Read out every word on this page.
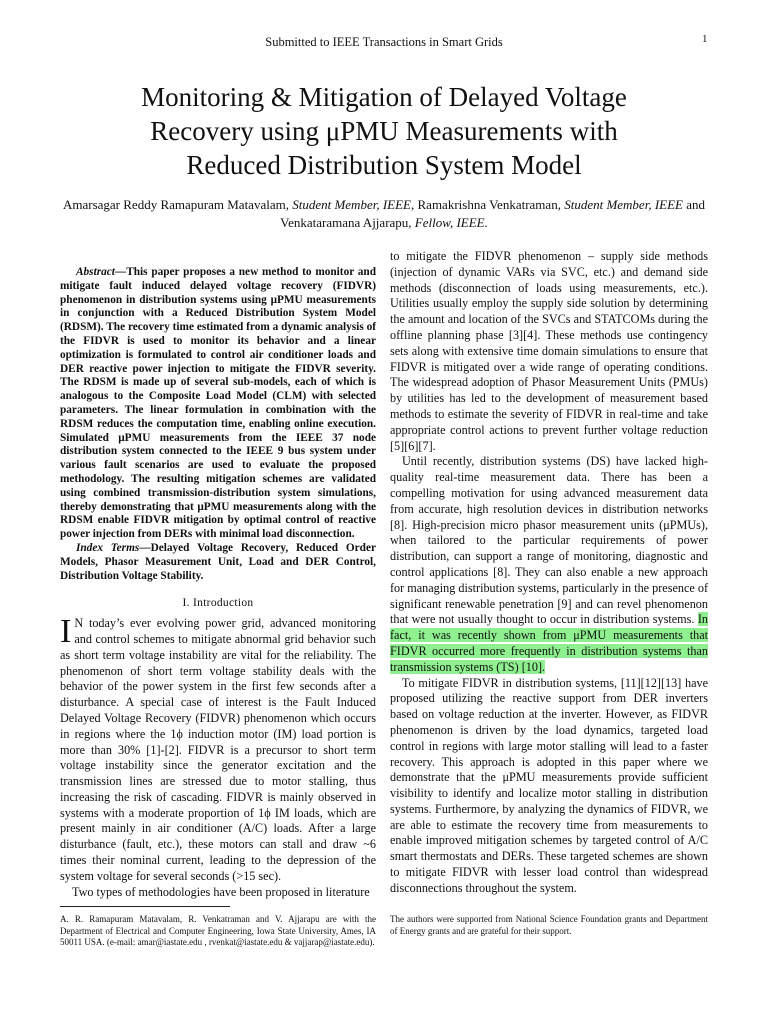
Submitted to IEEE Transactions in Smart Grids	1
Monitoring & Mitigation of Delayed Voltage
Recovery using μPMU Measurements with
Reduced Distribution System Model
Amarsagar Reddy Ramapuram Matavalam, Student Member, IEEE, Ramakrishna Venkatraman, Student Member, IEEE and Venkataramana Ajjarapu, Fellow, IEEE.

Abstract—This paper proposes a new method to monitor and mitigate fault induced delayed voltage recovery (FIDVR) phenomenon in distribution systems using μPMU measurements in conjunction with a Reduced Distribution System Model (RDSM). The recovery time estimated from a dynamic analysis of the FIDVR is used to monitor its behavior and a linear optimization is formulated to control air conditioner loads and DER reactive power injection to mitigate the FIDVR severity. The RDSM is made up of several sub-models, each of which is analogous to the Composite Load Model (CLM) with selected parameters. The linear formulation in combination with the RDSM reduces the computation time, enabling online execution. Simulated μPMU measurements from the IEEE 37 node distribution system connected to the IEEE 9 bus system under various fault scenarios are used to evaluate the proposed methodology. The resulting mitigation schemes are validated using combined transmission-distribution system simulations, thereby demonstrating that μPMU measurements along with the RDSM enable FIDVR mitigation by optimal control of reactive power injection from DERs with minimal load disconnection.

Index Terms—Delayed Voltage Recovery, Reduced Order Models, Phasor Measurement Unit, Load and DER Control, Distribution Voltage Stability.

I. Introduction

I N today’s ever evolving power grid, advanced monitoring and control schemes to mitigate abnormal grid behavior such as short term voltage instability are vital for the reliability. The phenomenon of short term voltage stability deals with the behavior of the power system in the first few seconds after a disturbance. A special case of interest is the Fault Induced Delayed Voltage Recovery (FIDVR) phenomenon which occurs in regions where the 1ϕ induction motor (IM) load portion is more than 30% [1]-[2]. FIDVR is a precursor to short term voltage instability since the generator excitation and the transmission lines are stressed due to motor stalling, thus increasing the risk of cascading. FIDVR is mainly observed in systems with a moderate proportion of 1ϕ IM loads, which are present mainly in air conditioner (A/C) loads. After a large disturbance (fault, etc.), these motors can stall and draw ~6 times their nominal current, leading to the depression of the system voltage for several seconds (>15 sec).

Two types of methodologies have been proposed in literature

to mitigate the FIDVR phenomenon – supply side methods (injection of dynamic VARs via SVC, etc.) and demand side methods (disconnection of loads using measurements, etc.). Utilities usually employ the supply side solution by determining the amount and location of the SVCs and STATCOMs during the offline planning phase [3][4]. These methods use contingency sets along with extensive time domain simulations to ensure that FIDVR is mitigated over a wide range of operating conditions. The widespread adoption of Phasor Measurement Units (PMUs) by utilities has led to the development of measurement based methods to estimate the severity of FIDVR in real-time and take appropriate control actions to prevent further voltage reduction [5][6][7].

Until recently, distribution systems (DS) have lacked high-quality real-time measurement data. There has been a compelling motivation for using advanced measurement data from accurate, high resolution devices in distribution networks [8]. High-precision micro phasor measurement units (μPMUs), when tailored to the particular requirements of power distribution, can support a range of monitoring, diagnostic and control applications [8]. They can also enable a new approach for managing distribution systems, particularly in the presence of significant renewable penetration [9] and can revel phenomenon that were not usually thought to occur in distribution systems. In fact, it was recently shown from μPMU measurements that FIDVR occurred more frequently in distribution systems than transmission systems (TS) [10].

To mitigate FIDVR in distribution systems, [11][12][13] have proposed utilizing the reactive support from DER inverters based on voltage reduction at the inverter. However, as FIDVR phenomenon is driven by the load dynamics, targeted load control in regions with large motor stalling will lead to a faster recovery. This approach is adopted in this paper where we demonstrate that the μPMU measurements provide sufficient visibility to identify and localize motor stalling in distribution systems. Furthermore, by analyzing the dynamics of FIDVR, we are able to estimate the recovery time from measurements to enable improved mitigation schemes by targeted control of A/C smart thermostats and DERs. These targeted schemes are shown to mitigate FIDVR with lesser load control than widespread disconnections throughout the system.

A. R. Ramapuram Matavalam, R. Venkatraman and V. Ajjarapu are with the Department of Electrical and Computer Engineering, Iowa State University, Ames, IA 50011 USA. (e-mail: amar@iastate.edu , rvenkat@iastate.edu & vajjarap@iastate.edu).
The authors were supported from National Science Foundation grants and Department of Energy grants and are grateful for their support.
